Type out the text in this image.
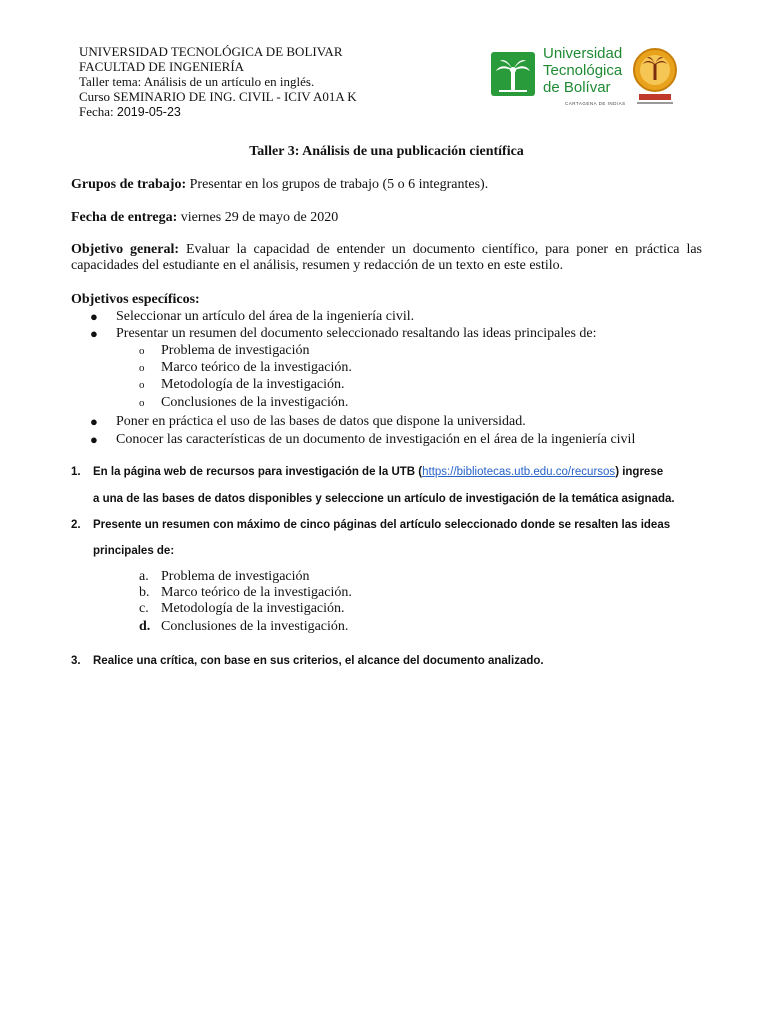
UNIVERSIDAD TECNOLÓGICA DE BOLIVAR
FACULTAD DE INGENIERÍA
Taller tema: Análisis de un artículo en inglés.
Curso SEMINARIO DE ING. CIVIL - ICIV A01A K
Fecha: 2019-05-23
Universidad
Tecnológica
de Bolívar
CARTAGENA DE INDIAS
Taller 3: Análisis de una publicación científica
Grupos de trabajo: Presentar en los grupos de trabajo (5 o 6 integrantes).
Fecha de entrega: viernes 29 de mayo de 2020
Objetivo general: Evaluar la capacidad de entender un documento científico, para poner en práctica las capacidades del estudiante en el análisis, resumen y redacción de un texto en este estilo.
Objetivos específicos:
● Seleccionar un artículo del área de la ingeniería civil.
● Presentar un resumen del documento seleccionado resaltando las ideas principales de:
o Problema de investigación
o Marco teórico de la investigación.
o Metodología de la investigación.
o Conclusiones de la investigación.
● Poner en práctica el uso de las bases de datos que dispone la universidad.
● Conocer las características de un documento de investigación en el área de la ingeniería civil
1. En la página web de recursos para investigación de la UTB (https://bibliotecas.utb.edu.co/recursos) ingrese
a una de las bases de datos disponibles y seleccione un artículo de investigación de la temática asignada.
2. Presente un resumen con máximo de cinco páginas del artículo seleccionado donde se resalten las ideas
principales de:
a. Problema de investigación
b. Marco teórico de la investigación.
c. Metodología de la investigación.
d. Conclusiones de la investigación.
3. Realice una crítica, con base en sus criterios, el alcance del documento analizado.
